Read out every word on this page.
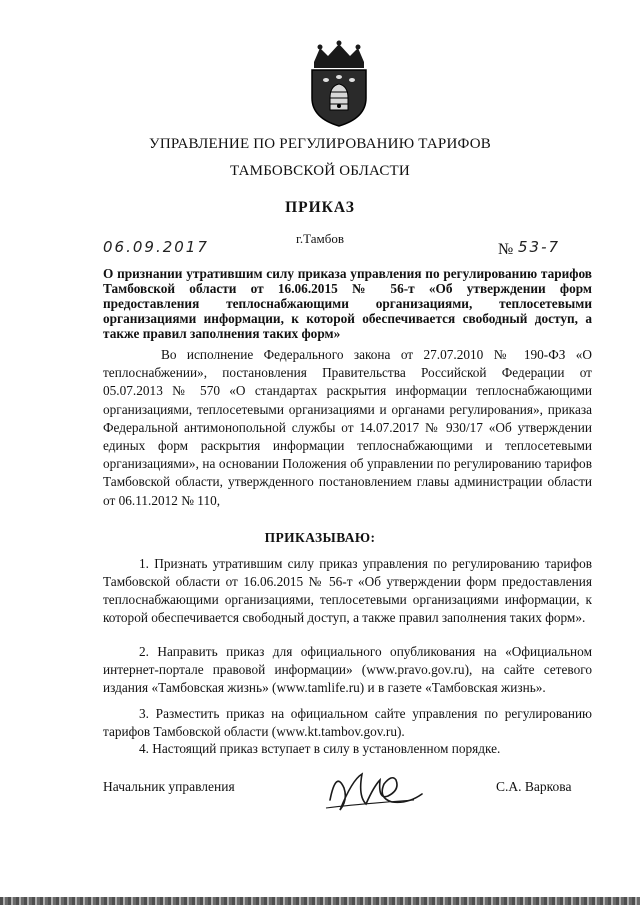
УПРАВЛЕНИЕ ПО РЕГУЛИРОВАНИЮ ТАРИФОВ
ТАМБОВСКОЙ ОБЛАСТИ
ПРИКАЗ
г.Тамбов
06.09.2017	№ 53-7
О признании утратившим силу приказа управления по регулированию тарифов Тамбовской области от 16.06.2015 № 56-т «Об утверждении форм предоставления теплоснабжающими организациями, теплосетевыми организациями информации, к которой обеспечивается свободный доступ, а также правил заполнения таких форм»
Во исполнение Федерального закона от 27.07.2010 № 190-ФЗ «О теплоснабжении», постановления Правительства Российской Федерации от 05.07.2013 № 570 «О стандартах раскрытия информации теплоснабжающими организациями, теплосетевыми организациями и органами регулирования», приказа Федеральной антимонопольной службы от 14.07.2017 № 930/17 «Об утверждении единых форм раскрытия информации теплоснабжающими и теплосетевыми организациями», на основании Положения об управлении по регулированию тарифов Тамбовской области, утвержденного постановлением главы администрации области от 06.11.2012 № 110,
ПРИКАЗЫВАЮ:
1. Признать утратившим силу приказ управления по регулированию тарифов Тамбовской области от 16.06.2015 № 56-т «Об утверждении форм предоставления теплоснабжающими организациями, теплосетевыми организациями информации, к которой обеспечивается свободный доступ, а также правил заполнения таких форм».
2. Направить приказ для официального опубликования на «Официальном интернет-портале правовой информации» (www.pravo.gov.ru), на сайте сетевого издания «Тамбовская жизнь» (www.tamlife.ru) и в газете «Тамбовская жизнь».
3. Разместить приказ на официальном сайте управления по регулированию тарифов Тамбовской области (www.kt.tambov.gov.ru).
4. Настоящий приказ вступает в силу в установленном порядке.
Начальник управления	С.А. Варкова
